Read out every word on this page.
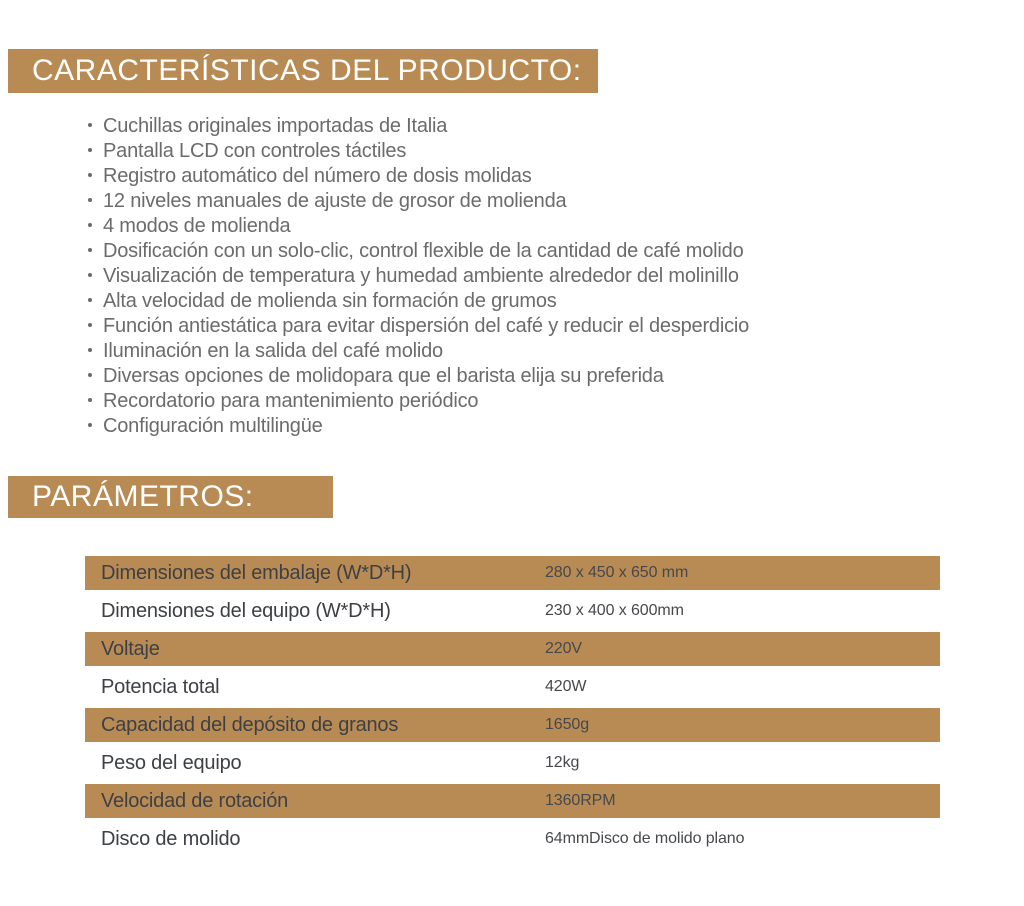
CARACTERÍSTICAS DEL PRODUCTO:
Cuchillas originales importadas de Italia
Pantalla LCD con controles táctiles
Registro automático del número de dosis molidas
12 niveles manuales de ajuste de grosor de molienda
4 modos de molienda
Dosificación con un solo-clic, control flexible de la cantidad de café molido
Visualización de temperatura y humedad ambiente alrededor del molinillo
Alta velocidad de molienda sin formación de grumos
Función antiestática para evitar dispersión del café y reducir el desperdicio
Iluminación en la salida del café molido
Diversas opciones de molidopara que el barista elija su preferida
Recordatorio para mantenimiento periódico
Configuración multilingüe
PARÁMETROS:
Dimensiones del embalaje (W*D*H)	280 x 450 x 650 mm
Dimensiones del equipo (W*D*H)	230 x 400 x 600mm
Voltaje	220V
Potencia total	420W
Capacidad del depósito de granos	1650g
Peso del equipo	12kg
Velocidad de rotación	1360RPM
Disco de molido	64mmDisco de molido plano
